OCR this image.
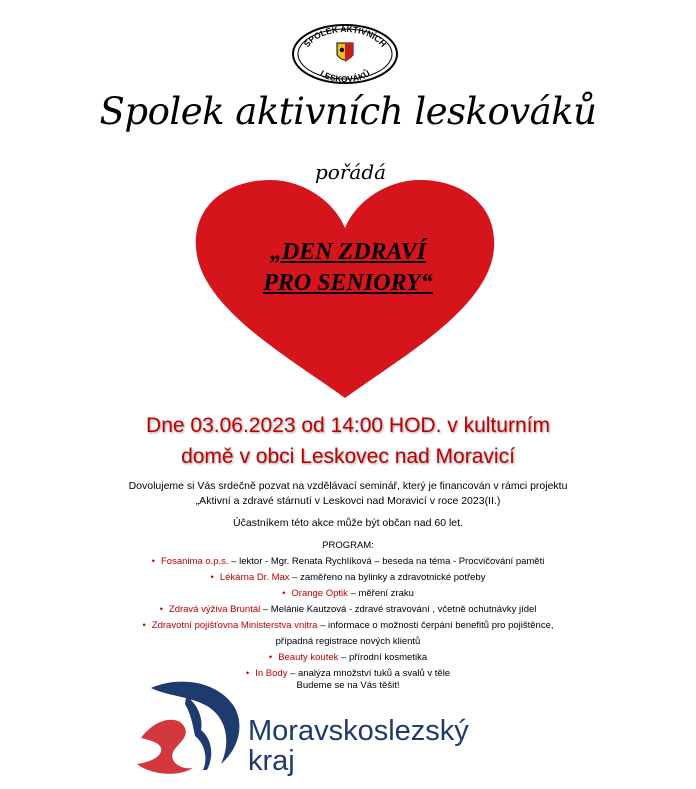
SPOLEK AKTIVNÍCH
LESKOVÁKŮ
Spolek aktivních leskováků
pořádá
„DEN ZDRAVÍ
PRO SENIORY“
Dne 03.06.2023 od 14:00 HOD. v kulturním
domě v obci Leskovec nad Moravicí
Dovolujeme si Vás srdečně pozvat na vzdělávací seminář, který je financován v rámci projektu
„Aktivní a zdravé stárnutí v Leskovci nad Moravicí v roce 2023(II.)
Účastníkem této akce může být občan nad 60 let.
PROGRAM:
• Fosanima o.p.s. – lektor - Mgr. Renata Rychlíková – beseda na téma - Procvičování paměti
• Lékárna Dr. Max – zaměřeno na bylinky a zdravotnické potřeby
• Orange Optik – měření zraku
• Zdravá výživa Bruntál – Melánie Kautzová - zdravé stravování , včetně ochutnávky jídel
• Zdravotní pojišťovna Ministerstva vnitra – informace o možnosti čerpání benefitů pro pojištěnce,
případná registrace nových klientů
• Beauty koutek – přírodní kosmetika
• In Body – analýza množství tuků a svalů v těle
Budeme se na Vás těšit!
Moravskoslezský
kraj
